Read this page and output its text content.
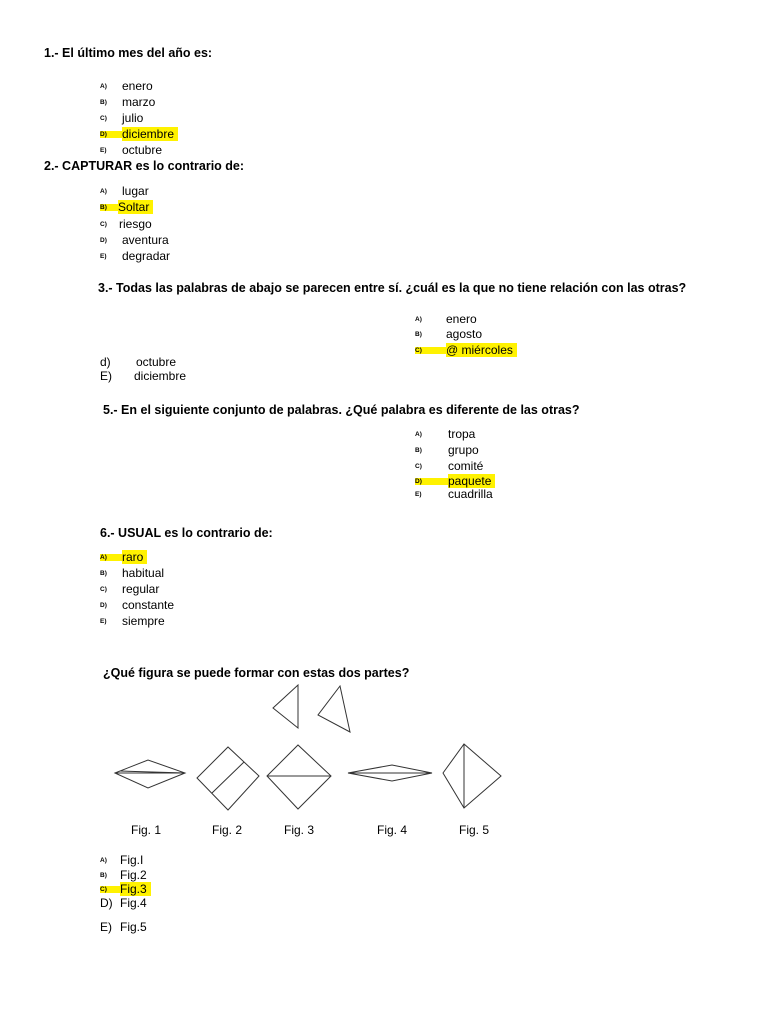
1.- El último mes del año es:
A)	enero
B)	marzo
C)	julio
D)	diciembre
E)	octubre
2.- CAPTURAR es lo contrario de:
A)	lugar
B) Soltar
C)	riesgo
D)	aventura
E)	degradar
3.- Todas las palabras de abajo se parecen entre sí. ¿cuál es la que no tiene relación con las otras?
A)	enero
B)	agosto
C)	@ miércoles
d) octubre
E) diciembre
5.- En el siguiente conjunto de palabras. ¿Qué palabra es diferente de las otras?
A)	tropa
B)	grupo
C)	comité
D)	paquete
E)	cuadrilla
6.- USUAL es lo contrario de:
A)	raro
B)	habitual
C)	regular
D)	constante
E)	siempre
¿Qué figura se puede formar con estas dos partes?
Fig. 1	Fig. 2	Fig. 3	Fig. 4	Fig. 5
A)	Fig.I
B)	Fig.2
C)	Fig.3
D) Fig.4
E) Fig.5
